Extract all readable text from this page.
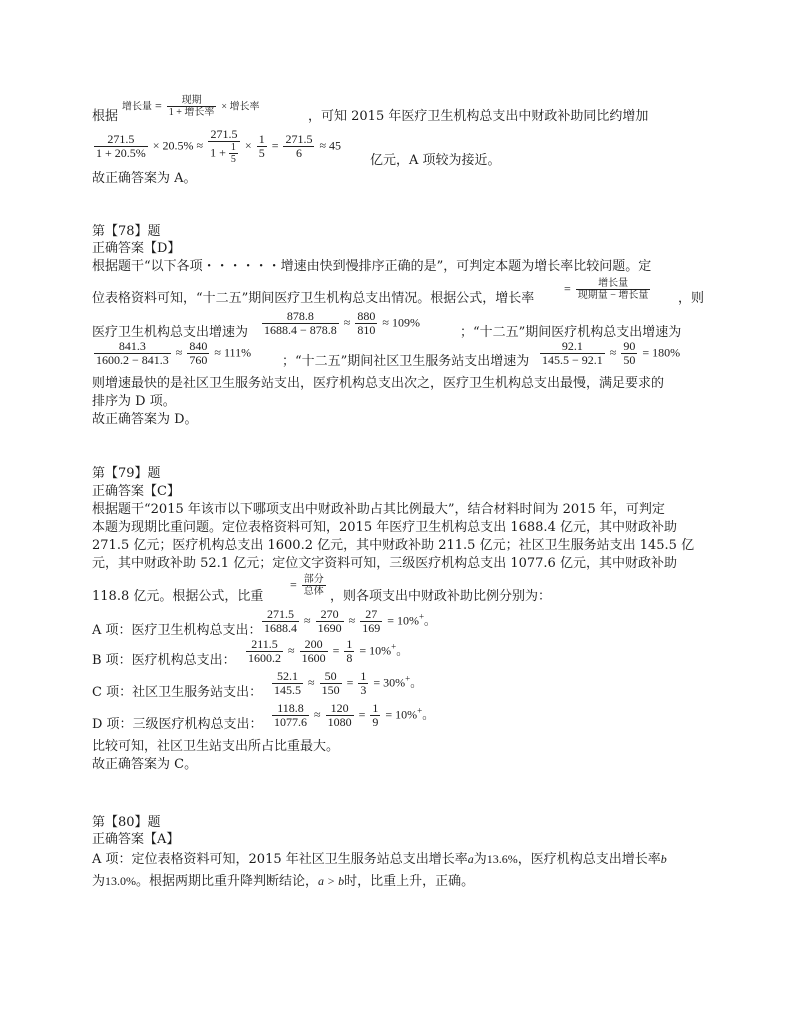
根据
增长量 = $\frac{\text{现期}}{\text{1 + 增长率}}$ × 增长率
，可知 2015 年医疗卫生机构总支出中财政补助同比约增加
$\frac{271.5}{1 + 20.5\%} \times 20.5\% \approx \frac{271.5}{1 + \frac{1}{5}} \times \frac{1}{5} = \frac{271.5}{6} \approx 45$
亿元，A 项较为接近。
故正确答案为 A。
第【78】题
正确答案【D】
根据题干“以下各项・・・・・・增速由快到慢排序正确的是”，可判定本题为增长率比较问题。定
位表格资料可知，“十二五”期间医疗卫生机构总支出情况。根据公式，增长率
= $\frac{\text{增长量}}{\text{现期量 − 增长量}}$ ，则
医疗卫生机构总支出增速为 $\frac{878.8}{1688.4 - 878.8} \approx \frac{880}{810} \approx 109\%$
；“十二五”期间医疗机构总支出增速为
$\frac{841.3}{1600.2 - 841.3} \approx \frac{840}{760} \approx 111\%$
；“十二五”期间社区卫生服务站支出增速为 $\frac{92.1}{145.5 - 92.1} \approx \frac{90}{50} = 180\%$
则增速最快的是社区卫生服务站支出，医疗机构总支出次之，医疗卫生机构总支出最慢，满足要求的
排序为 D 项。
故正确答案为 D。
第【79】题
正确答案【C】
根据题干“2015 年该市以下哪项支出中财政补助占其比例最大”，结合材料时间为 2015 年，可判定
本题为现期比重问题。定位表格资料可知，2015 年医疗卫生机构总支出 1688.4 亿元，其中财政补助
271.5 亿元；医疗机构总支出 1600.2 亿元，其中财政补助 211.5 亿元；社区卫生服务站支出 145.5 亿
元，其中财政补助 52.1 亿元；定位文字资料可知，三级医疗机构总支出 1077.6 亿元，其中财政补助
118.8 亿元。根据公式，比重
= $\frac{\text{部分}}{\text{总体}}$ ，则各项支出中财政补助比例分别为：
A 项：医疗卫生机构总支出： $\frac{271.5}{1688.4} \approx \frac{270}{1690} \approx \frac{27}{169} = 10\%^+$。
B 项：医疗机构总支出： $\frac{211.5}{1600.2} \approx \frac{200}{1600} = \frac{1}{8} = 10\%^+$。
C 项：社区卫生服务站支出： $\frac{52.1}{145.5} \approx \frac{50}{150} = \frac{1}{3} = 30\%^+$。
D 项：三级医疗机构总支出： $\frac{118.8}{1077.6} \approx \frac{120}{1080} = \frac{1}{9} = 10\%^+$。
比较可知，社区卫生站支出所占比重最大。
故正确答案为 C。
第【80】题
正确答案【A】
A 项：定位表格资料可知，2015 年社区卫生服务站总支出增长率a为13.6%，医疗机构总支出增长率b
为13.0%。根据两期比重升降判断结论，a > b时，比重上升，正确。
